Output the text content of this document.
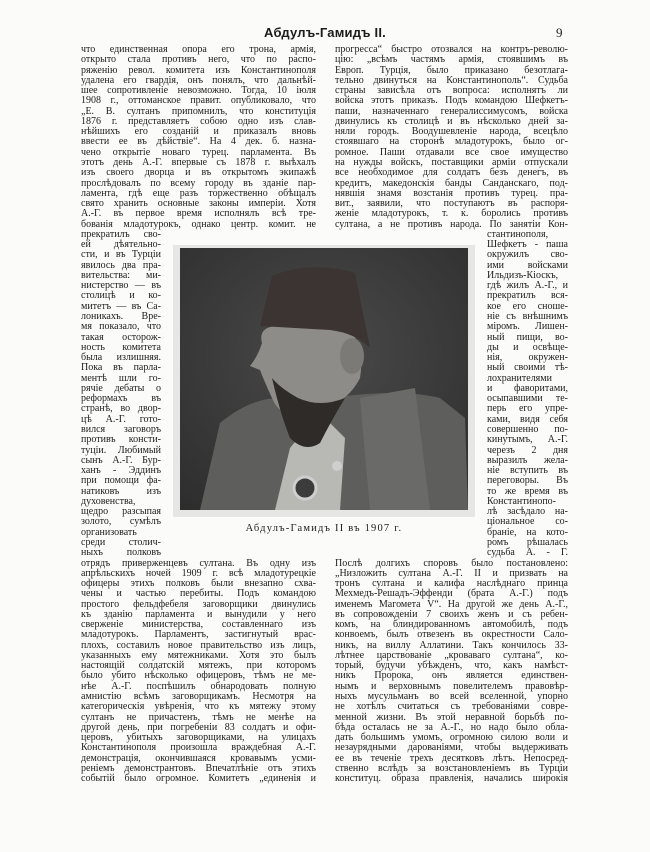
Абдулъ-Гамидъ II.	9
что единственная опора его трона, армія,
открыто стала противъ него, что по распо-
ряженію револ. комитета изъ Константинополя
удалена его гвардія, онъ понялъ, что дальнѣй-
шее сопротивленіе невозможно. Тогда, 10 іюля
1908 г., оттоманское правит. опубликовало, что
„Е. В. султанъ припомнилъ, что конституція
1876 г. представляетъ собою одно изъ слав-
нѣйшихъ его созданій и приказалъ вновь
ввести ее въ дѣйствіе“. На 4 дек. б. назна-
чено открытіе новаго турец. парламента. Въ
этотъ день А.-Г. впервые съ 1878 г. выѣхалъ
изъ своего дворца и въ открытомъ экипажѣ
прослѣдовалъ по всему городу въ зданіе пар-
ламента, гдѣ еще разъ торжественно обѣщалъ
свято хранить основные законы имперіи. Хотя
А.-Г. въ первое время исполнялъ всѣ тре-
бованія младотурокъ, однако центр. комит. не
прекратилъ сво-
ей дѣятельно-
сти, и въ Турціи
явилось два пра-
вительства: ми-
нистерство — въ
столицѣ и ко-
митетъ — въ Са-
лоникахъ. Вре-
мя показало, что
такая осторож-
ность комитета
была излишняя.
Пока въ парла-
ментѣ шли го-
рячіе дебаты о
реформахъ въ
странѣ, во двор-
цѣ А.-Г. гото-
вился заговоръ
противъ консти-
туціи. Любимый
сынъ А.-Г. Бур-
ханъ - Эддинъ
при помощи фа-
натиковъ изъ
духовенства,
щедро разсыпая
золото, сумѣлъ
организовать
среди столич-
ныхъ полковъ
отрядъ приверженцевъ султана. Въ одну изъ
апрѣльскихъ ночей 1909 г. всѣ младотурецкіе
офицеры этихъ полковъ были внезапно схва-
чены и частью перебиты. Подъ командою
простого фельдфебеля заговорщики двинулись
къ зданію парламента и вынудили у него
сверженіе министерства, составленнаго изъ
младотурокъ. Парламентъ, застигнутый врас-
плохъ, составилъ новое правительство изъ лицъ,
указанныхъ ему мятежниками. Хотя это былъ
настоящій солдатскій мятежъ, при которомъ
было убито нѣсколько офицеровъ, тѣмъ не ме-
нѣе А.-Г. поспѣшилъ обнародовать полную
амнистію всѣмъ заговорщикамъ. Несмотря на
категорическія увѣренія, что къ мятежу этому
султанъ не причастенъ, тѣмъ не менѣе на
другой день, при погребеніи 83 солдатъ и офи-
церовъ, убитыхъ заговорщиками, на улицахъ
Константинополя произошла враждебная А.-Г.
демонстрація, окончившаяся кровавымъ усми-
реніемъ демонстрантовъ. Впечатлѣніе отъ этихъ
событій было огромное. Комитетъ „единенія и
прогресса“ быстро отозвался на контръ-револю-
цію: „всѣмъ частямъ армія, стоявшимъ въ
Европ. Турція, было приказано безотлага-
тельно двинуться на Константинополь“. Судьба
страны зависѣла отъ вопроса: исполнятъ ли
войска этотъ приказъ. Подъ командою Шефкетъ-
паши, назначеннаго генералиссимусомъ, войска
двинулись къ столицѣ и въ нѣсколько дней за-
няли городъ. Воодушевленіе народа, всецѣло
стоявшаго на сторонѣ младотурокъ, было ог-
ромное. Паши отдавали все свое имущество
на нужды войскъ, поставщики арміи отпускали
все необходимое для солдатъ безъ денегъ, въ
кредитъ, македонскія банды Санданскаго, под-
нявшія знамя возстанія противъ турец. пра-
вит., заявили, что поступаютъ въ распоря-
женіе младотурокъ, т. к. боролись противъ
султана, а не противъ народа. По занятіи Кон-
стантинополя,
Шефкетъ - паша
окружилъ сво-
ими войсками
Ильдизъ-Кіоскъ,
гдѣ жилъ А.-Г., и
прекратилъ вся-
кое его сноше-
ніе съ внѣшнимъ
міромъ. Лишен-
ный пищи, во-
ды и освѣще-
нія, окружен-
ный своими тѣ-
лохранителями
и фаворитами,
осыпавшими те-
перь его упре-
ками, видя себя
совершенно по-
кинутымъ, А.-Г.
черезъ 2 дня
выразилъ жела-
ніе вступить въ
переговоры. Въ
то же время въ
Константинопо-
лѣ засѣдало на-
ціональное со-
браніе, на кото-
ромъ рѣшалась
судьба А. - Г.
Послѣ долгихъ споровъ было постановлено:
„Низложить султана А.-Г. II и призвать на
тронъ султана и калифа наслѣднаго принца
Мехмедъ-Решадъ-Эффенди (брата А.-Г.) подъ
именемъ Магомета V“. На другой же день А.-Г.,
въ сопровожденіи 7 своихъ женъ и съ ребен-
комъ, на блиндированномъ автомобилѣ, подъ
конвоемъ, былъ отвезенъ въ окрестности Сало-
никъ, на виллу Аллатини. Такъ кончилось 33-
лѣтнее царствованіе „кроваваго султана“, ко-
торый, будучи убѣжденъ, что, какъ намѣст-
никъ Пророка, онъ является единствен-
нымъ и верховнымъ повелителемъ правовѣр-
ныхъ мусульманъ во всей вселенной, упорно
не хотѣлъ считаться съ требованіями совре-
менной жизни. Въ этой неравной борьбѣ по-
бѣда осталась не за А.-Г., но надо было обла-
дать большимъ умомъ, огромною силою воли и
незаурядными дарованіями, чтобы выдерживать
ее въ теченіе трехъ десятковъ лѣтъ. Непосред-
ственно вслѣдъ за возстановленіемъ въ Турціи
конституц. образа правленія, начались широкія
Абдулъ-Гамидъ II въ 1907 г.
